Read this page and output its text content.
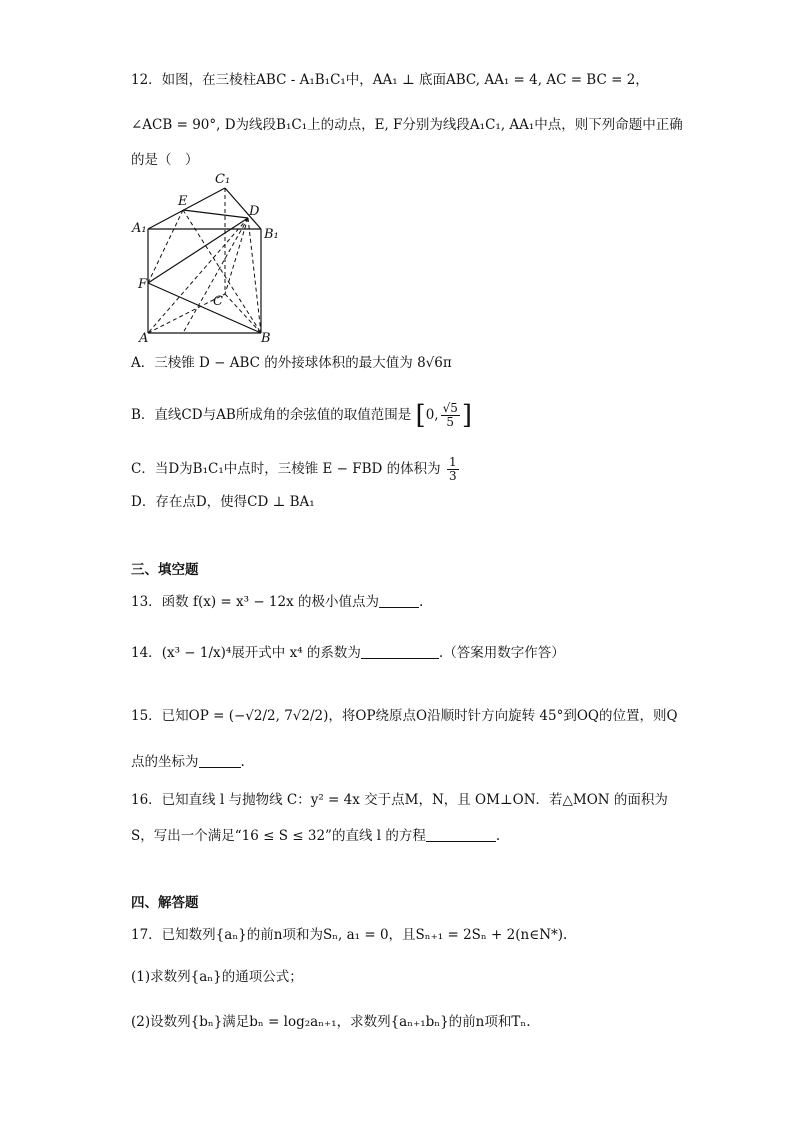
12．如图，在三棱柱ABC - A₁B₁C₁中，AA₁ ⊥ 底面ABC, AA₁ = 4, AC = BC = 2，
∠ACB = 90°, D为线段B₁C₁上的动点，E, F分别为线段A₁C₁, AA₁中点，则下列命题中正确
的是（　）
C₁
E
D
A₁	B₁
F
C
A	B
A．三棱锥 D − ABC 的外接球体积的最大值为 8√6π
B．直线CD与AB所成角的余弦值的取值范围是 [0, $\frac{√5}{5}$ ]
C．当D为B₁C₁中点时，三棱锥 E − FBD 的体积为 $\frac{1}{3}$
D．存在点D，使得CD ⊥ BA₁
三、填空题
13．函数 f(x) = x³ − 12x 的极小值点为	.
14．(x³ − 1/x)⁴展开式中 x⁴ 的系数为	.（答案用数字作答）
15．已知OP = (−√2/2, 7√2/2)，将OP绕原点O沿顺时针方向旋转 45°到OQ的位置，则Q
点的坐标为	.
16．已知直线 l 与抛物线 C：y² = 4x 交于点M，N，且 OM⊥ON．若△MON 的面积为
S，写出一个满足“16 ≤ S ≤ 32”的直线 l 的方程	.
四、解答题
17．已知数列{aₙ}的前n项和为Sₙ, a₁ = 0，且Sₙ₊₁ = 2Sₙ + 2(n∈N*).
(1)求数列{aₙ}的通项公式；
(2)设数列{bₙ}满足bₙ = log₂aₙ₊₁，求数列{aₙ₊₁bₙ}的前n项和Tₙ.
